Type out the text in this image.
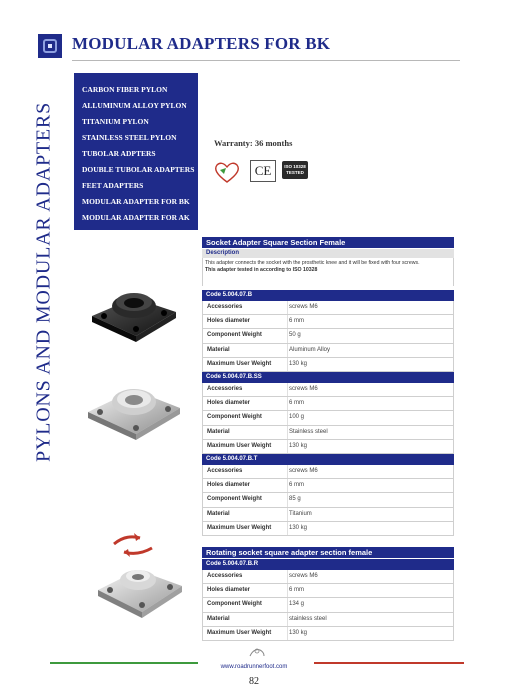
MODULAR ADAPTERS FOR BK
PYLONS AND MODULAR ADAPTERS
CARBON FIBER PYLON
ALLUMINUM ALLOY PYLON
TITANIUM PYLON
STAINLESS STEEL PYLON
TUBOLAR ADPTERS
DOUBLE TUBOLAR ADAPTERS
FEET ADAPTERS
MODULAR ADAPTER FOR BK
MODULAR ADAPTER FOR AK
LOCK'S SYSTEM
Warranty: 36 months
CE	ISO 10328
TESTED
Socket Adapter Square Section Female
Description
This adapter connects the socket with the prosthetic knee and it will be fixed with four screws.
This adapter tested in according to ISO 10328
Code 5.004.07.B
Accessories	screws M6
Holes diameter	6 mm
Component Weight	50 g
Material	Aluminum Alloy
Maximum User Weight	130 kg
Code 5.004.07.B.SS
Accessories	screws M6
Holes diameter	6 mm
Component Weight	100 g
Material	Stainless steel
Maximum User Weight	130 kg
Code 5.004.07.B.T
Accessories	screws M6
Holes diameter	6 mm
Component Weight	85 g
Material	Titanium
Maximum User Weight	130 kg
Rotating socket square adapter section female
Code 5.004.07.B.R
Accessories	screws M6
Holes diameter	6 mm
Component Weight	134 g
Material	stainless steel
Maximum User Weight	130 kg
www.roadrunnerfoot.com
82
